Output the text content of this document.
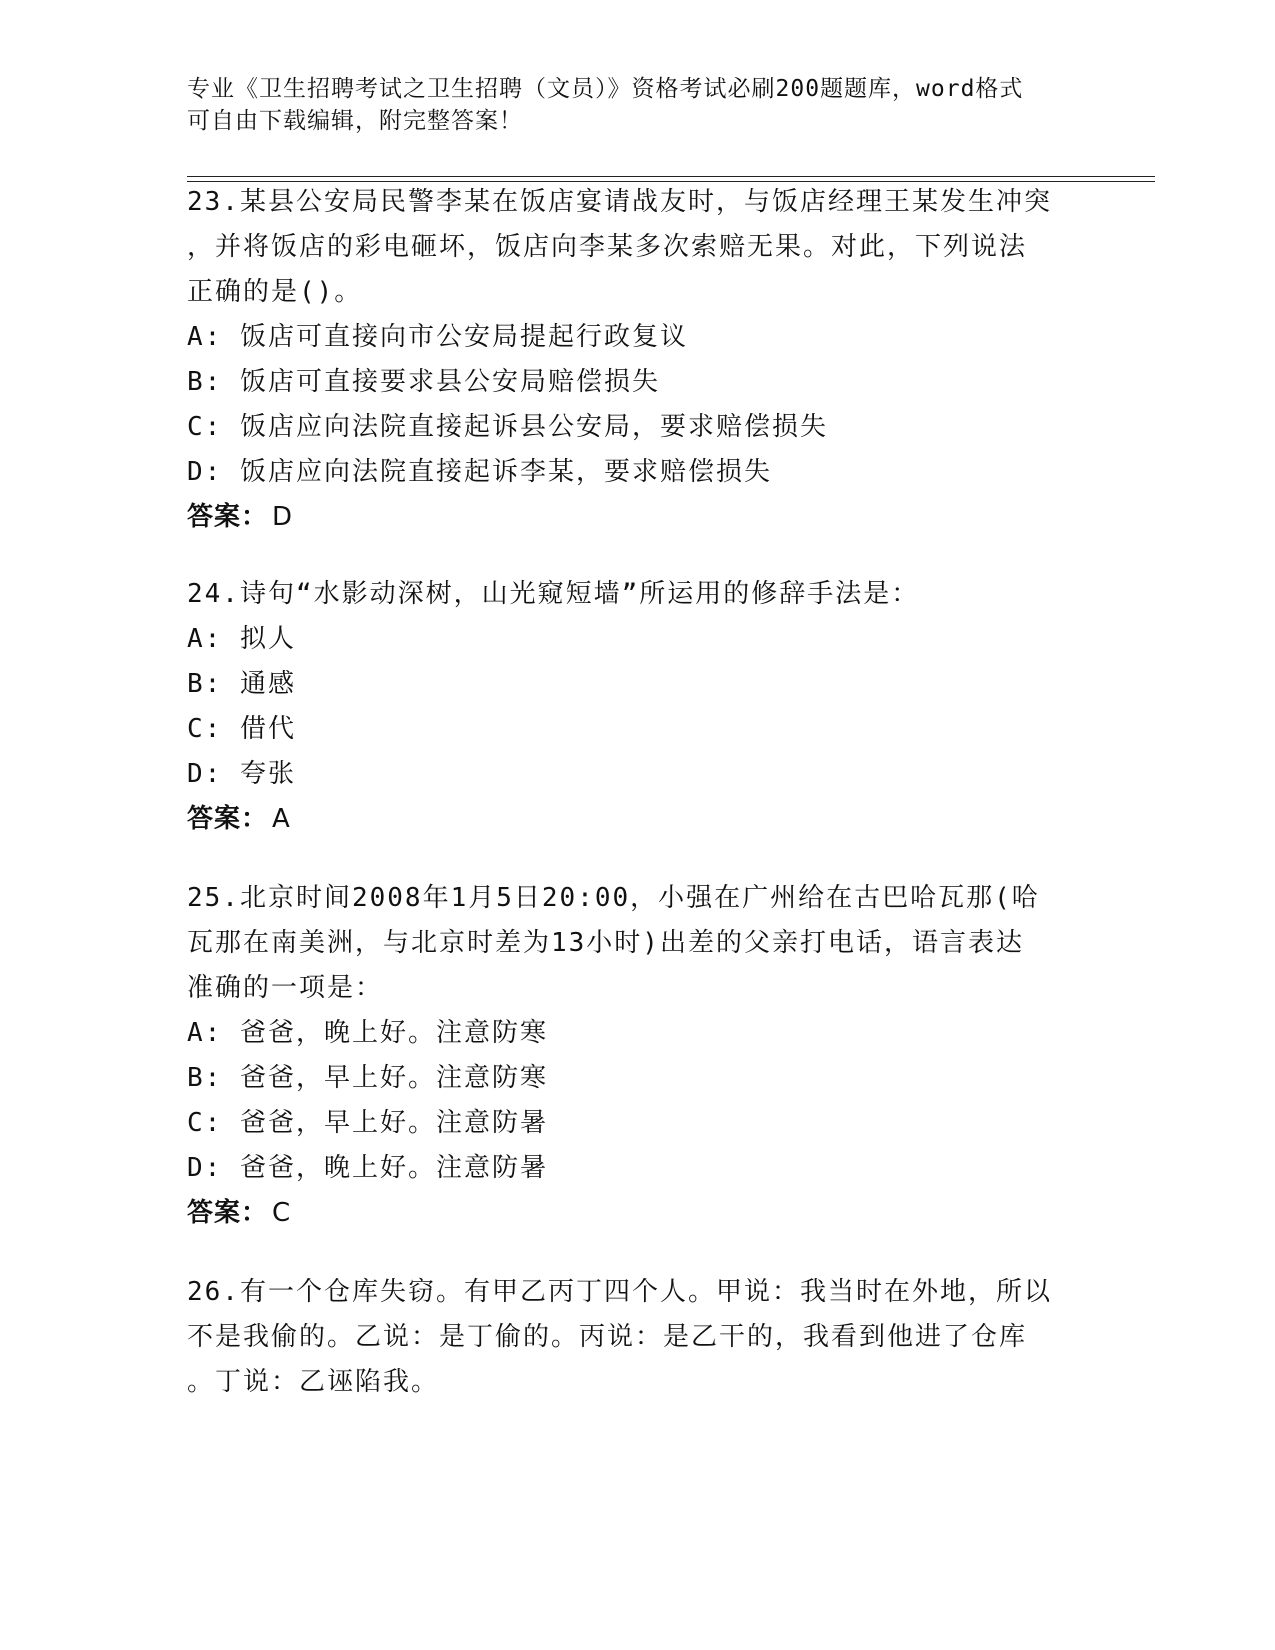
专业《卫生招聘考试之卫生招聘（文员）》资格考试必刷200题题库，word格式
可自由下载编辑，附完整答案！
23.某县公安局民警李某在饭店宴请战友时，与饭店经理王某发生冲突
，并将饭店的彩电砸坏，饭店向李某多次索赔无果。对此，下列说法
正确的是()。
A: 饭店可直接向市公安局提起行政复议
B: 饭店可直接要求县公安局赔偿损失
C: 饭店应向法院直接起诉县公安局，要求赔偿损失
D: 饭店应向法院直接起诉李某，要求赔偿损失
答案： D
24.诗句“水影动深树，山光窥短墙”所运用的修辞手法是：
A: 拟人
B: 通感
C: 借代
D: 夸张
答案： A
25.北京时间2008年1月5日20:00，小强在广州给在古巴哈瓦那(哈
瓦那在南美洲，与北京时差为13小时)出差的父亲打电话，语言表达
准确的一项是：
A: 爸爸，晚上好。注意防寒
B: 爸爸，早上好。注意防寒
C: 爸爸，早上好。注意防暑
D: 爸爸，晚上好。注意防暑
答案： C
26.有一个仓库失窃。有甲乙丙丁四个人。甲说：我当时在外地，所以
不是我偷的。乙说：是丁偷的。丙说：是乙干的，我看到他进了仓库
。丁说：乙诬陷我。
